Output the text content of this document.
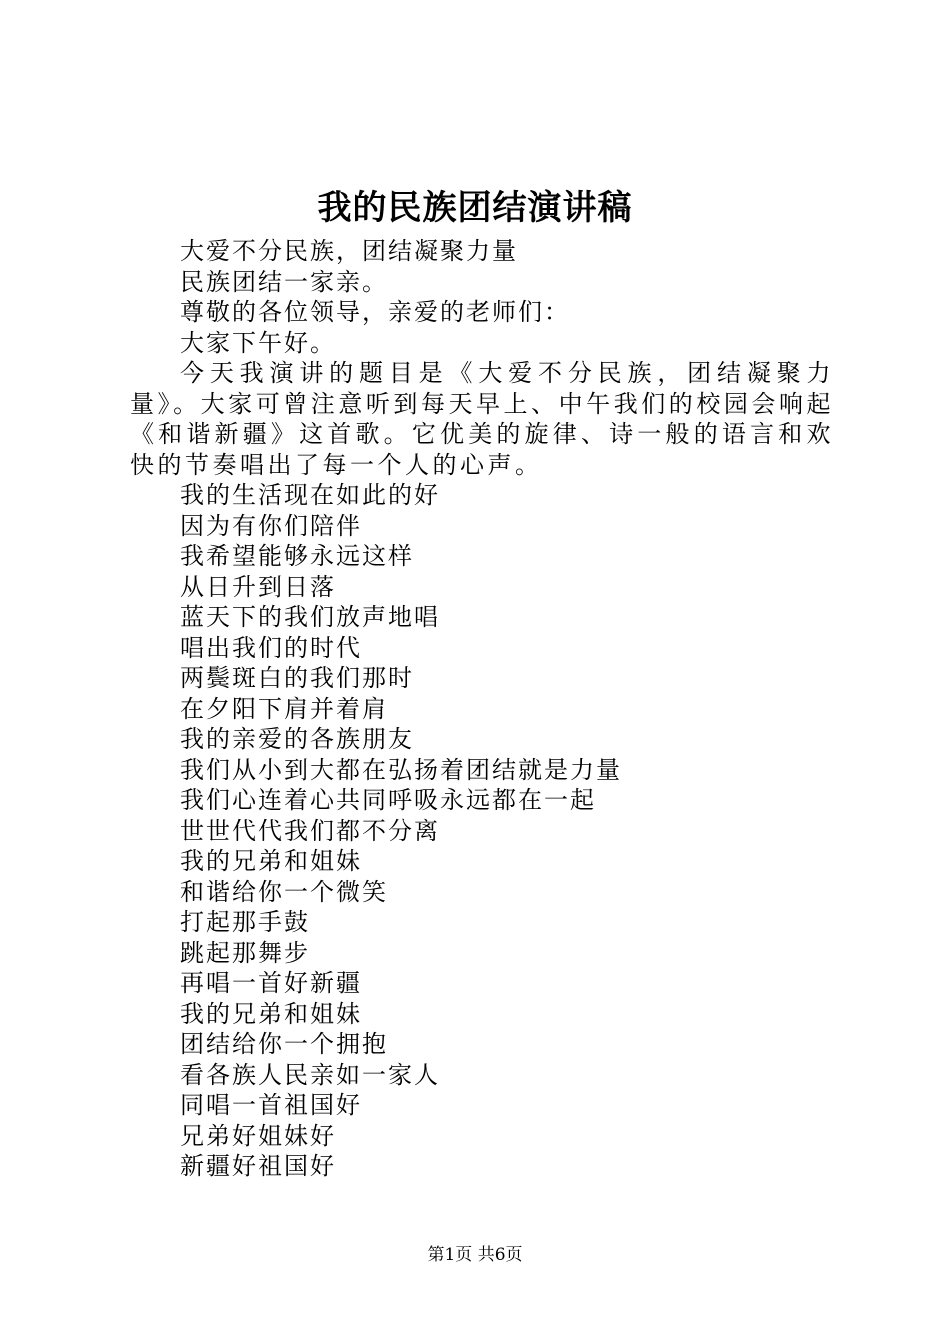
我的民族团结演讲稿

大爱不分民族，团结凝聚力量

民族团结一家亲。

尊敬的各位领导，亲爱的老师们：

大家下午好。

今天我演讲的题目是《大爱不分民族，团结凝聚力量》。大家可曾注意听到每天早上、中午我们的校园会响起《和谐新疆》这首歌。它优美的旋律、诗一般的语言和欢快的节奏唱出了每一个人的心声。

我的生活现在如此的好

因为有你们陪伴

我希望能够永远这样

从日升到日落

蓝天下的我们放声地唱

唱出我们的时代

两鬓斑白的我们那时

在夕阳下肩并着肩

我的亲爱的各族朋友

我们从小到大都在弘扬着团结就是力量

我们心连着心共同呼吸永远都在一起

世世代代我们都不分离

我的兄弟和姐妹

和谐给你一个微笑

打起那手鼓

跳起那舞步

再唱一首好新疆

我的兄弟和姐妹

团结给你一个拥抱

看各族人民亲如一家人

同唱一首祖国好

兄弟好姐妹好

新疆好祖国好

第1页 共6页
